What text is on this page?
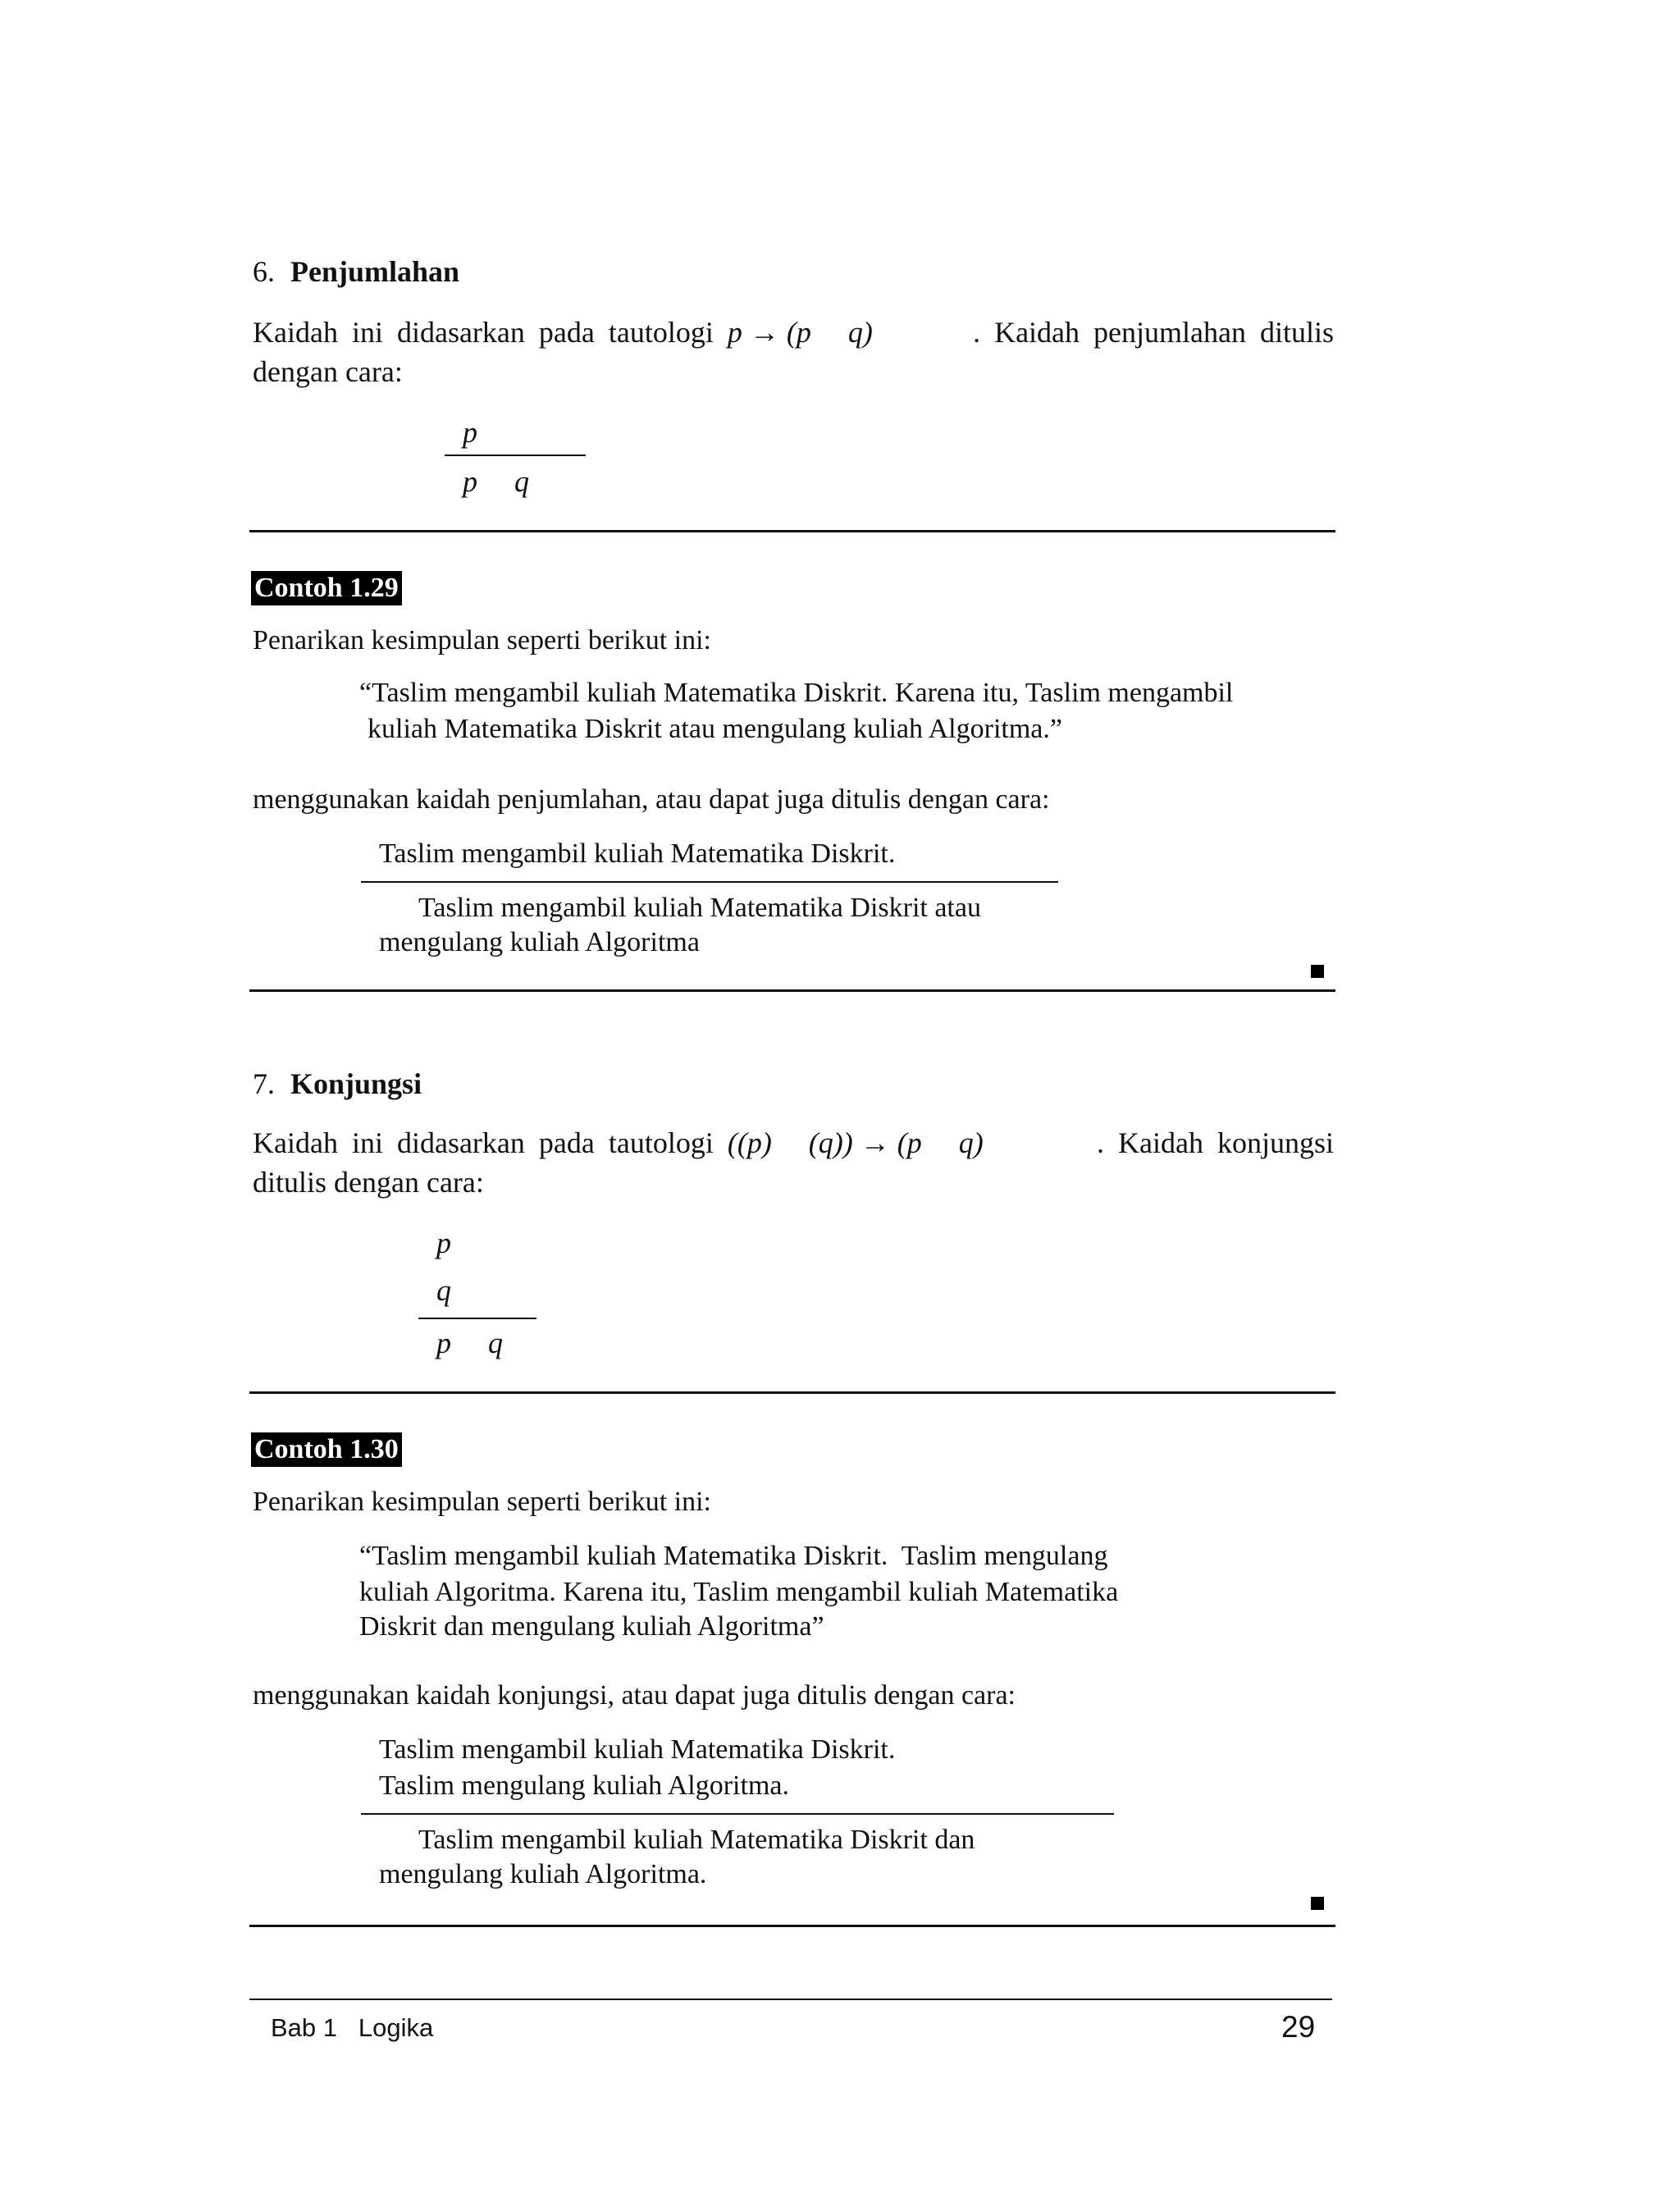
6. Penjumlahan
Kaidah ini didasarkan pada tautologi p → (p     q)	. Kaidah penjumlahan ditulis
dengan cara:
p
p     q
Contoh 1.29
Penarikan kesimpulan seperti berikut ini:
“Taslim mengambil kuliah Matematika Diskrit. Karena itu, Taslim mengambil
kuliah Matematika Diskrit atau mengulang kuliah Algoritma.”
menggunakan kaidah penjumlahan, atau dapat juga ditulis dengan cara:
Taslim mengambil kuliah Matematika Diskrit.
Taslim mengambil kuliah Matematika Diskrit atau
mengulang kuliah Algoritma
7. Konjungsi
Kaidah ini didasarkan pada tautologi ((p)     (q)) → (p     q)	. Kaidah konjungsi
ditulis dengan cara:
p
q
p     q
Contoh 1.30
Penarikan kesimpulan seperti berikut ini:
“Taslim mengambil kuliah Matematika Diskrit.  Taslim mengulang
kuliah Algoritma. Karena itu, Taslim mengambil kuliah Matematika
Diskrit dan mengulang kuliah Algoritma”
menggunakan kaidah konjungsi, atau dapat juga ditulis dengan cara:
Taslim mengambil kuliah Matematika Diskrit.
Taslim mengulang kuliah Algoritma.
Taslim mengambil kuliah Matematika Diskrit dan
mengulang kuliah Algoritma.
Bab 1   Logika	29
